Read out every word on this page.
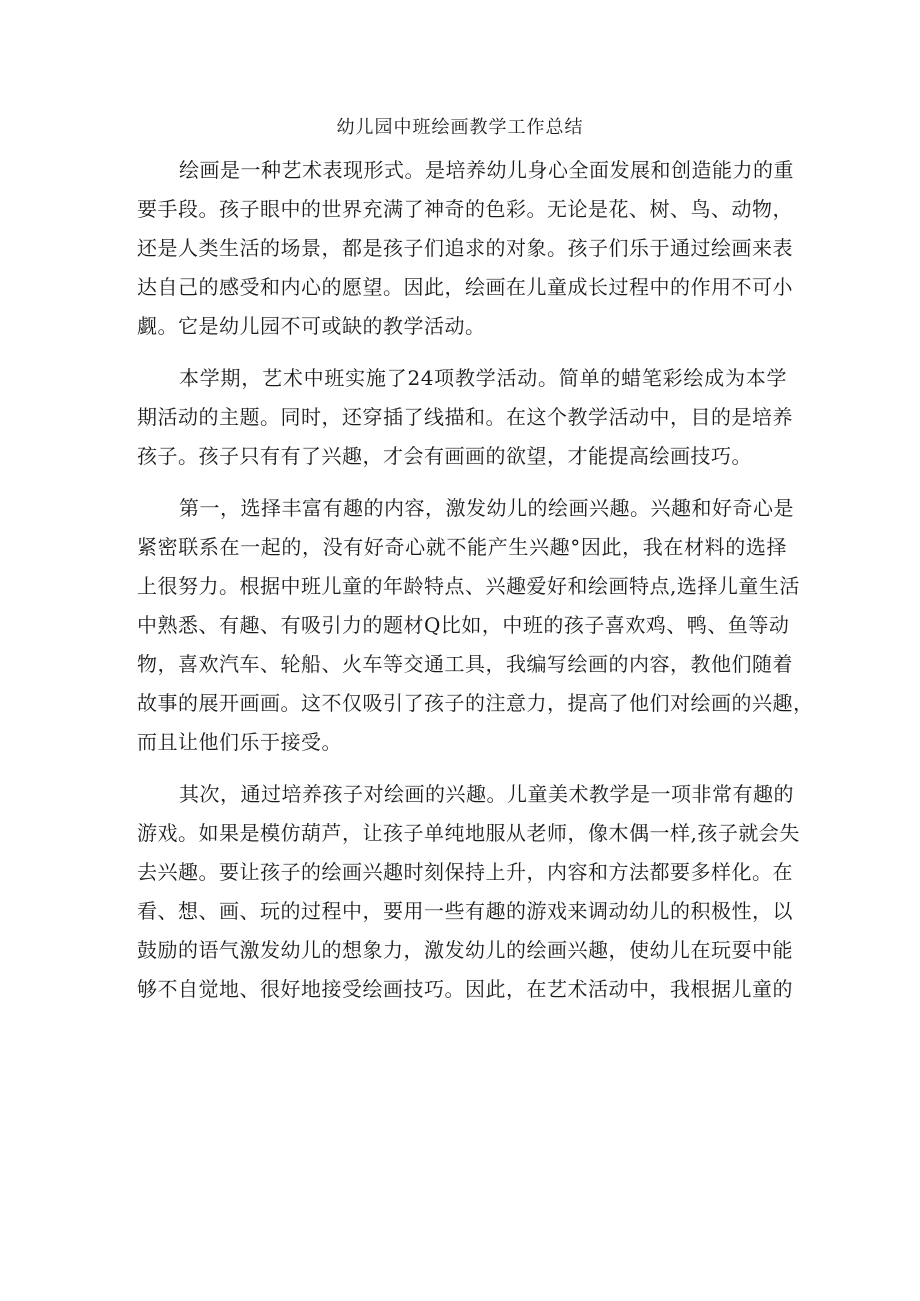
幼儿园中班绘画教学工作总结
绘画是一种艺术表现形式。是培养幼儿身心全面发展和创造能力的重
要手段。孩子眼中的世界充满了神奇的色彩。无论是花、树、鸟、动物，
还是人类生活的场景，都是孩子们追求的对象。孩子们乐于通过绘画来表
达自己的感受和内心的愿望。因此，绘画在儿童成长过程中的作用不可小
觑。它是幼儿园不可或缺的教学活动。
本学期，艺术中班实施了24项教学活动。简单的蜡笔彩绘成为本学
期活动的主题。同时，还穿插了线描和。在这个教学活动中，目的是培养
孩子。孩子只有有了兴趣，才会有画画的欲望，才能提高绘画技巧。
第一，选择丰富有趣的内容，激发幼儿的绘画兴趣。兴趣和好奇心是
紧密联系在一起的，没有好奇心就不能产生兴趣°因此，我在材料的选择
上很努力。根据中班儿童的年龄特点、兴趣爱好和绘画特点,选择儿童生活
中熟悉、有趣、有吸引力的题材Q比如，中班的孩子喜欢鸡、鸭、鱼等动
物，喜欢汽车、轮船、火车等交通工具，我编写绘画的内容，教他们随着
故事的展开画画。这不仅吸引了孩子的注意力，提高了他们对绘画的兴趣，
而且让他们乐于接受。
其次，通过培养孩子对绘画的兴趣。儿童美术教学是一项非常有趣的
游戏。如果是模仿葫芦，让孩子单纯地服从老师，像木偶一样,孩子就会失
去兴趣。要让孩子的绘画兴趣时刻保持上升，内容和方法都要多样化。在
看、想、画、玩的过程中，要用一些有趣的游戏来调动幼儿的积极性，以
鼓励的语气激发幼儿的想象力，激发幼儿的绘画兴趣，使幼儿在玩耍中能
够不自觉地、很好地接受绘画技巧。因此，在艺术活动中，我根据儿童的
